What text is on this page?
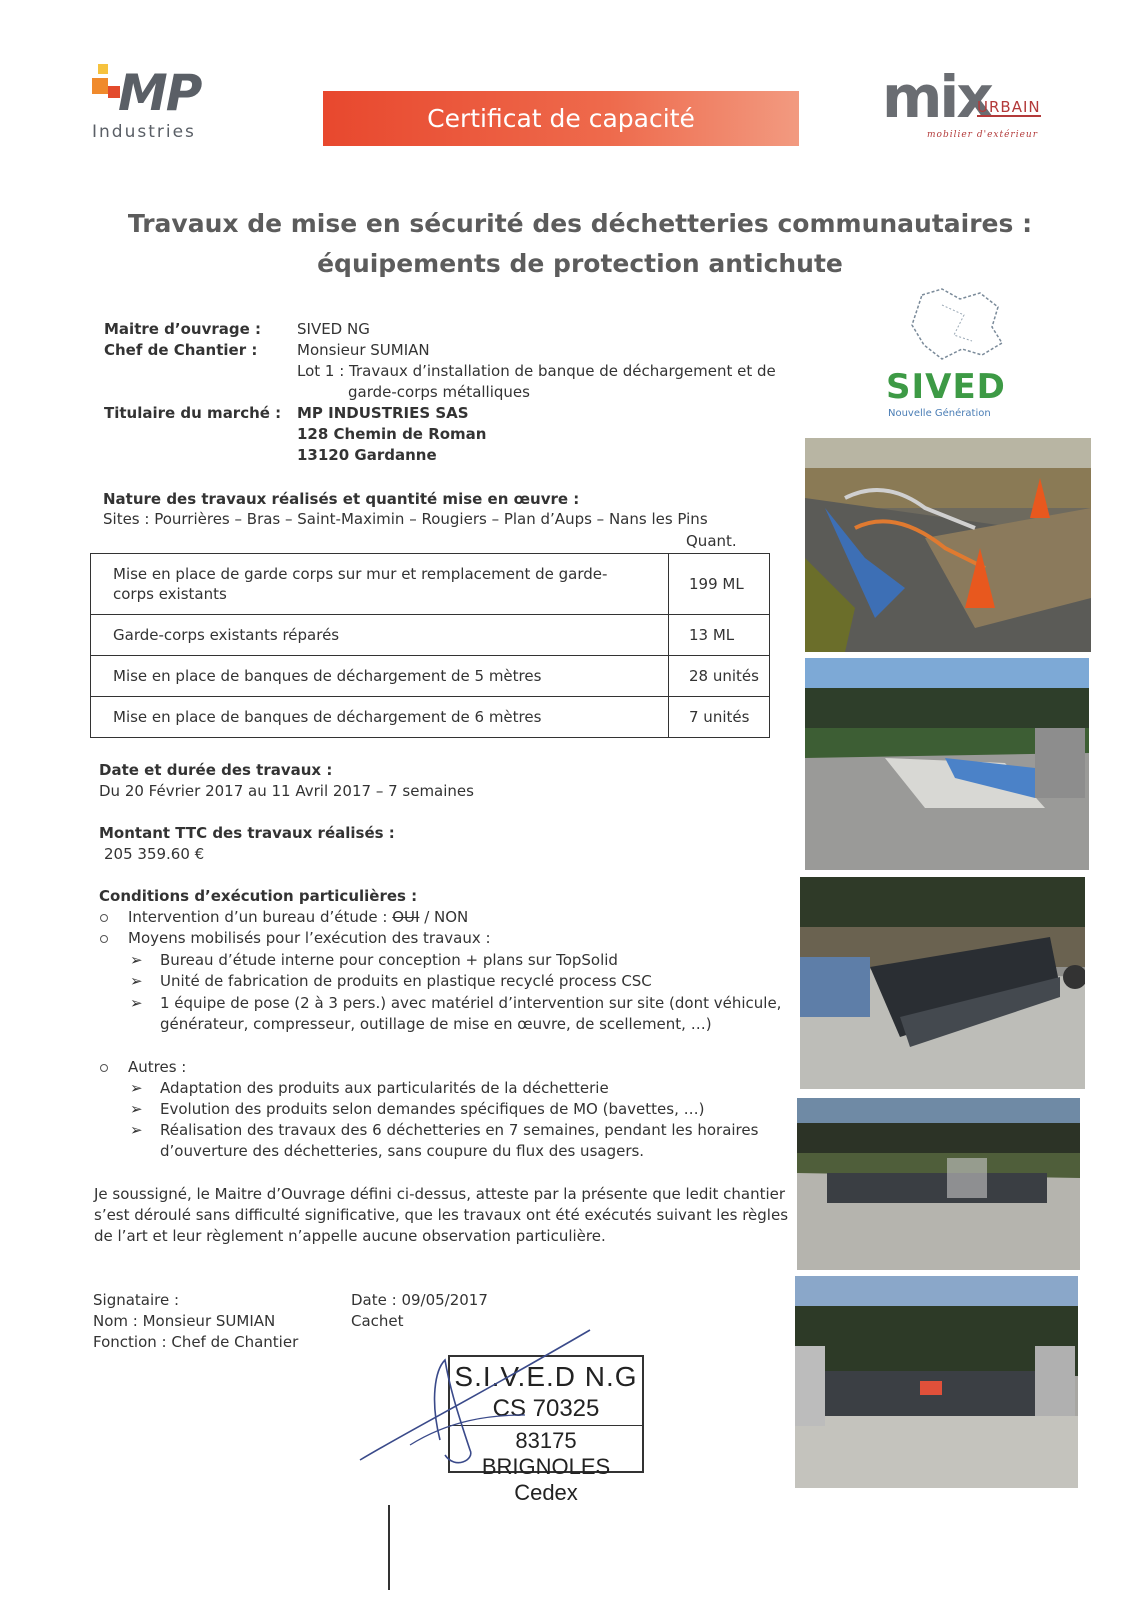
MP
Industries	Certificat de capacité	mix
URBAIN
mobilier d'extérieur
Travaux de mise en sécurité des déchetteries communautaires :
équipements de protection antichute
Maitre d’ouvrage : SIVED NG
Chef de Chantier :	Monsieur SUMIAN
Lot 1 : Travaux d’installation de banque de déchargement et de
garde-corps métalliques
Titulaire du marché : MP INDUSTRIES SAS
128 Chemin de Roman
13120 Gardanne
SIVED
Nouvelle Génération
Nature des travaux réalisés et quantité mise en œuvre :
Sites : Pourrières – Bras – Saint-Maximin – Rougiers – Plan d’Aups – Nans les Pins
Quant.
Mise en place de garde corps sur mur et remplacement de garde-corps existants	199 ML
Garde-corps existants réparés	13 ML
Mise en place de banques de déchargement de 5 mètres	28 unités
Mise en place de banques de déchargement de 6 mètres	7 unités
Date et durée des travaux :
Du 20 Février 2017 au 11 Avril 2017 – 7 semaines
Montant TTC des travaux réalisés :
205 359.60 €
Conditions d’exécution particulières :
Intervention d’un bureau d’étude : OUI / NON
Moyens mobilisés pour l’exécution des travaux :
➢ Bureau d’étude interne pour conception + plans sur TopSolid
➢ Unité de fabrication de produits en plastique recyclé process CSC
➢ 1 équipe de pose (2 à 3 pers.) avec matériel d’intervention sur site (dont véhicule,
générateur, compresseur, outillage de mise en œuvre, de scellement, …)
Autres :
➢ Adaptation des produits aux particularités de la déchetterie
➢ Evolution des produits selon demandes spécifiques de MO (bavettes, …)
➢ Réalisation des travaux des 6 déchetteries en 7 semaines, pendant les horaires
d’ouverture des déchetteries, sans coupure du flux des usagers.
Je soussigné, le Maitre d’Ouvrage défini ci-dessus, atteste par la présente que ledit chantier
s’est déroulé sans difficulté significative, que les travaux ont été exécutés suivant les règles
de l’art et leur règlement n’appelle aucune observation particulière.
Signataire :
Nom : Monsieur SUMIAN
Fonction : Chef de Chantier
Date : 09/05/2017
Cachet
S.I.V.E.D N.G
CS 70325
83175 BRIGNOLES Cedex
